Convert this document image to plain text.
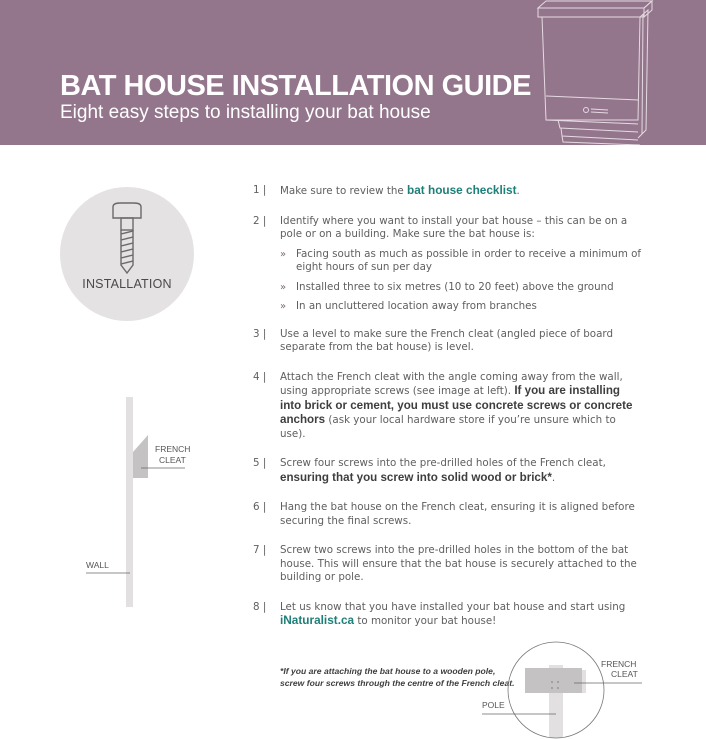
BAT HOUSE INSTALLATION GUIDE
Eight easy steps to installing your bat house
INSTALLATION
1 | Make sure to review the bat house checklist.
2 | Identify where you want to install your bat house – this can be on a pole or on a building. Make sure the bat house is:
» Facing south as much as possible in order to receive a minimum of eight hours of sun per day
» Installed three to six metres (10 to 20 feet) above the ground
» In an uncluttered location away from branches
3 | Use a level to make sure the French cleat (angled piece of board separate from the bat house) is level.
4 | Attach the French cleat with the angle coming away from the wall, using appropriate screws (see image at left). If you are installing into brick or cement, you must use concrete screws or concrete anchors (ask your local hardware store if you’re unsure which to use).
5 | Screw four screws into the pre-drilled holes of the French cleat, ensuring that you screw into solid wood or brick*.
6 | Hang the bat house on the French cleat, ensuring it is aligned before securing the final screws.
7 | Screw two screws into the pre-drilled holes in the bottom of the bat house. This will ensure that the bat house is securely attached to the building or pole.
8 | Let us know that you have installed your bat house and start using iNaturalist.ca to monitor your bat house!
FRENCH
CLEAT
WALL
*If you are attaching the bat house to a wooden pole,
screw four screws through the centre of the French cleat.
FRENCH
CLEAT
POLE
